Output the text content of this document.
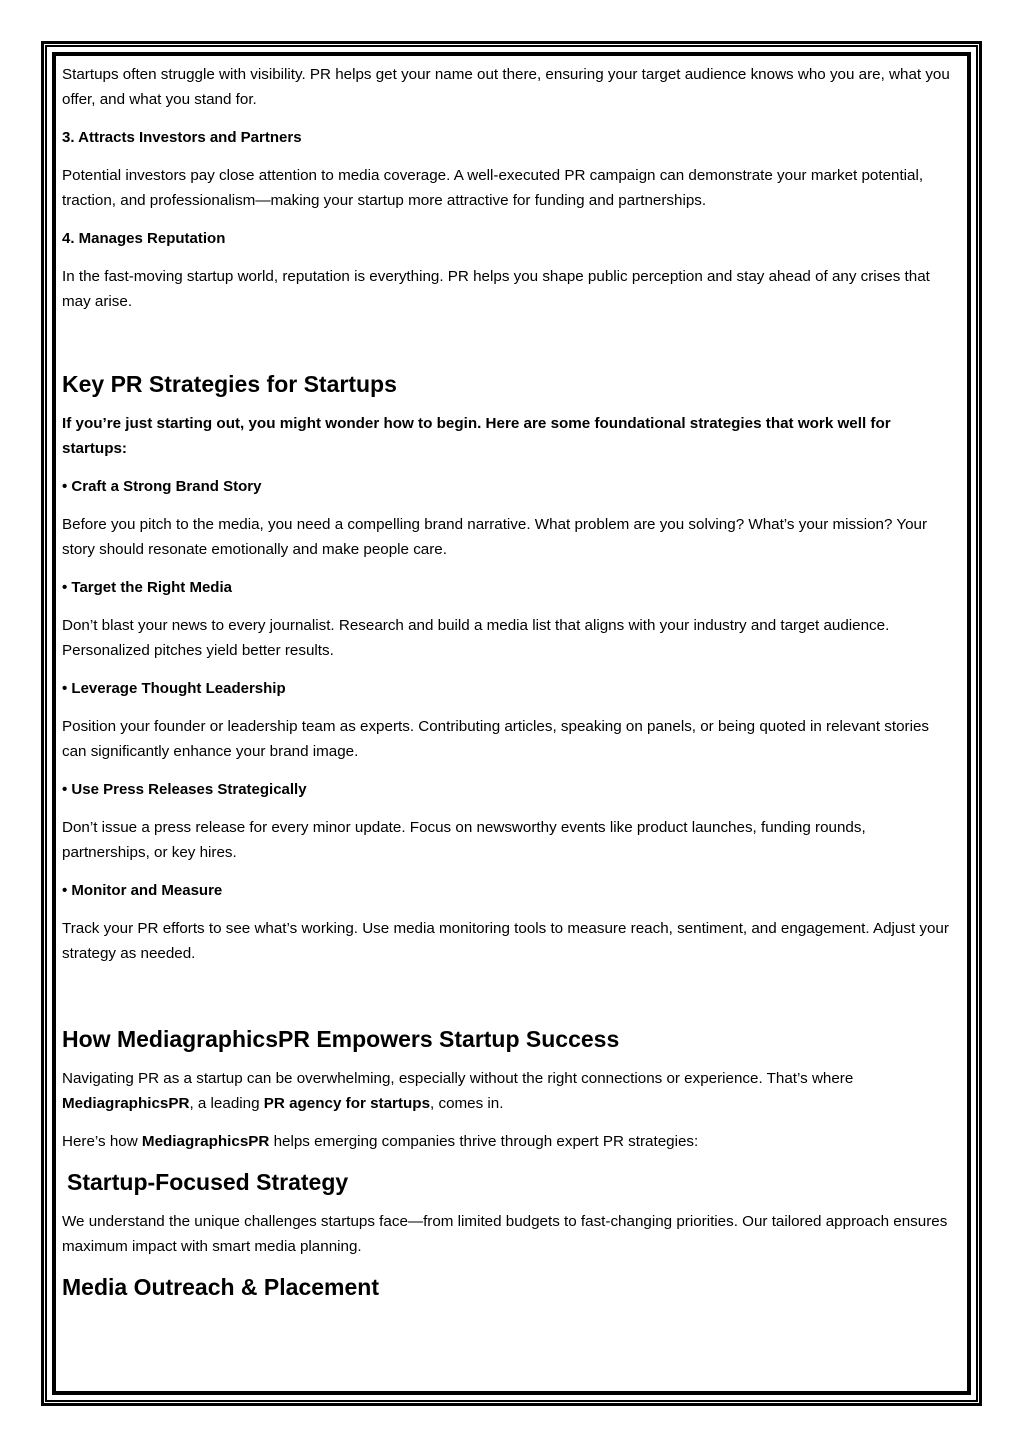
Startups often struggle with visibility. PR helps get your name out there, ensuring your target audience knows who you are, what you offer, and what you stand for.

3. Attracts Investors and Partners

Potential investors pay close attention to media coverage. A well-executed PR campaign can demonstrate your market potential, traction, and professionalism—making your startup more attractive for funding and partnerships.

4. Manages Reputation

In the fast-moving startup world, reputation is everything. PR helps you shape public perception and stay ahead of any crises that may arise.

Key PR Strategies for Startups

If you’re just starting out, you might wonder how to begin. Here are some foundational strategies that work well for startups:

• Craft a Strong Brand Story

Before you pitch to the media, you need a compelling brand narrative. What problem are you solving? What’s your mission? Your story should resonate emotionally and make people care.

• Target the Right Media

Don’t blast your news to every journalist. Research and build a media list that aligns with your industry and target audience. Personalized pitches yield better results.

• Leverage Thought Leadership

Position your founder or leadership team as experts. Contributing articles, speaking on panels, or being quoted in relevant stories can significantly enhance your brand image.

• Use Press Releases Strategically

Don’t issue a press release for every minor update. Focus on newsworthy events like product launches, funding rounds, partnerships, or key hires.

• Monitor and Measure

Track your PR efforts to see what’s working. Use media monitoring tools to measure reach, sentiment, and engagement. Adjust your strategy as needed.

How MediagraphicsPR Empowers Startup Success

Navigating PR as a startup can be overwhelming, especially without the right connections or experience. That’s where MediagraphicsPR, a leading PR agency for startups, comes in.

Here’s how MediagraphicsPR helps emerging companies thrive through expert PR strategies:

Startup-Focused Strategy

We understand the unique challenges startups face—from limited budgets to fast-changing priorities. Our tailored approach ensures maximum impact with smart media planning.

Media Outreach & Placement
